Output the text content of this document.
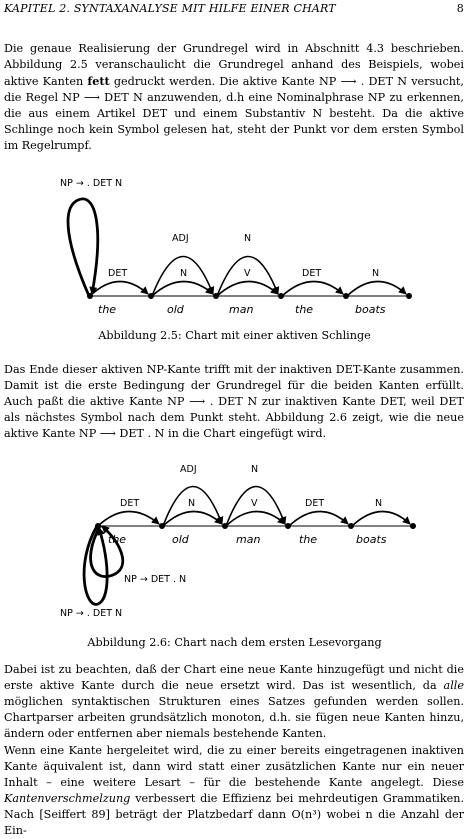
KAPITEL 2. SYNTAXANALYSE MIT HILFE EINER CHART	8

Die genaue Realisierung der Grundregel wird in Abschnitt 4.3 beschrieben. Abbildung 2.5 veranschaulicht die Grundregel anhand des Beispiels, wobei aktive Kanten fett gedruckt werden. Die aktive Kante NP ⟶ . DET N versucht, die Regel NP ⟶ DET N anzuwenden, d.h eine Nominalphrase NP zu erkennen, die aus einem Artikel DET und einem Substantiv N besteht. Da die aktive Schlinge noch kein Symbol gelesen hat, steht der Punkt vor dem ersten Symbol im Regelrumpf.

NP → . DET N
DET	N	V	DET	N
ADJ	N
the	old	man	the	boats
Abbildung 2.5: Chart mit einer aktiven Schlinge

Das Ende dieser aktiven NP-Kante trifft mit der inaktiven DET-Kante zusammen. Damit ist die erste Bedingung der Grundregel für die beiden Kanten erfüllt. Auch paßt die aktive Kante NP ⟶ . DET N zur inaktiven Kante DET, weil DET als nächstes Symbol nach dem Punkt steht. Abbildung 2.6 zeigt, wie die neue aktive Kante NP ⟶ DET . N in die Chart eingefügt wird.

DET	N	V	DET	N
ADJ	N
the	old	man	the	boats
NP → DET . N
NP → . DET N
Abbildung 2.6: Chart nach dem ersten Lesevorgang

Dabei ist zu beachten, daß der Chart eine neue Kante hinzugefügt und nicht die erste aktive Kante durch die neue ersetzt wird. Das ist wesentlich, da alle möglichen syntaktischen Strukturen eines Satzes gefunden werden sollen. Chartparser arbeiten grundsätzlich monoton, d.h. sie fügen neue Kanten hinzu, ändern oder entfernen aber niemals bestehende Kanten.

Wenn eine Kante hergeleitet wird, die zu einer bereits eingetragenen inaktiven Kante äquivalent ist, dann wird statt einer zusätzlichen Kante nur ein neuer Inhalt – eine weitere Lesart – für die bestehende Kante angelegt. Diese Kantenverschmelzung verbessert die Effizienz bei mehrdeutigen Grammatiken. Nach [Seiffert 89] beträgt der Platzbedarf dann O(n³) wobei n die Anzahl der Ein-
